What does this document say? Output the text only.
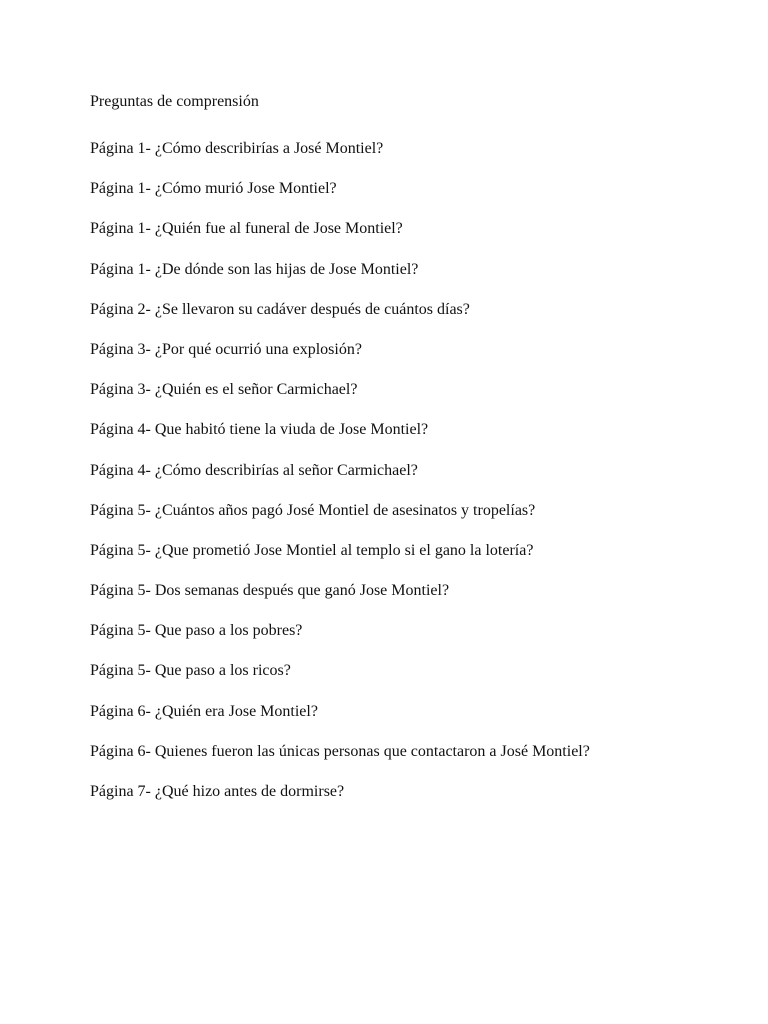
Preguntas de comprensión
Página 1- ¿Cómo describirías a José Montiel?
Página 1- ¿Cómo murió Jose Montiel?
Página 1- ¿Quién fue al funeral de Jose Montiel?
Página 1- ¿De dónde son las hijas de Jose Montiel?
Página 2- ¿Se llevaron su cadáver después de cuántos días?
Página 3- ¿Por qué ocurrió una explosión?
Página 3- ¿Quién es el señor Carmichael?
Página 4- Que habitó tiene la viuda de Jose Montiel?
Página 4- ¿Cómo describirías al señor Carmichael?
Página 5- ¿Cuántos años pagó José Montiel de asesinatos y tropelías?
Página 5- ¿Que prometió Jose Montiel al templo si el gano la lotería?
Página 5- Dos semanas después que ganó Jose Montiel?
Página 5- Que paso a los pobres?
Página 5- Que paso a los ricos?
Página 6- ¿Quién era Jose Montiel?
Página 6- Quienes fueron las únicas personas que contactaron a José Montiel?
Página 7- ¿Qué hizo antes de dormirse?
